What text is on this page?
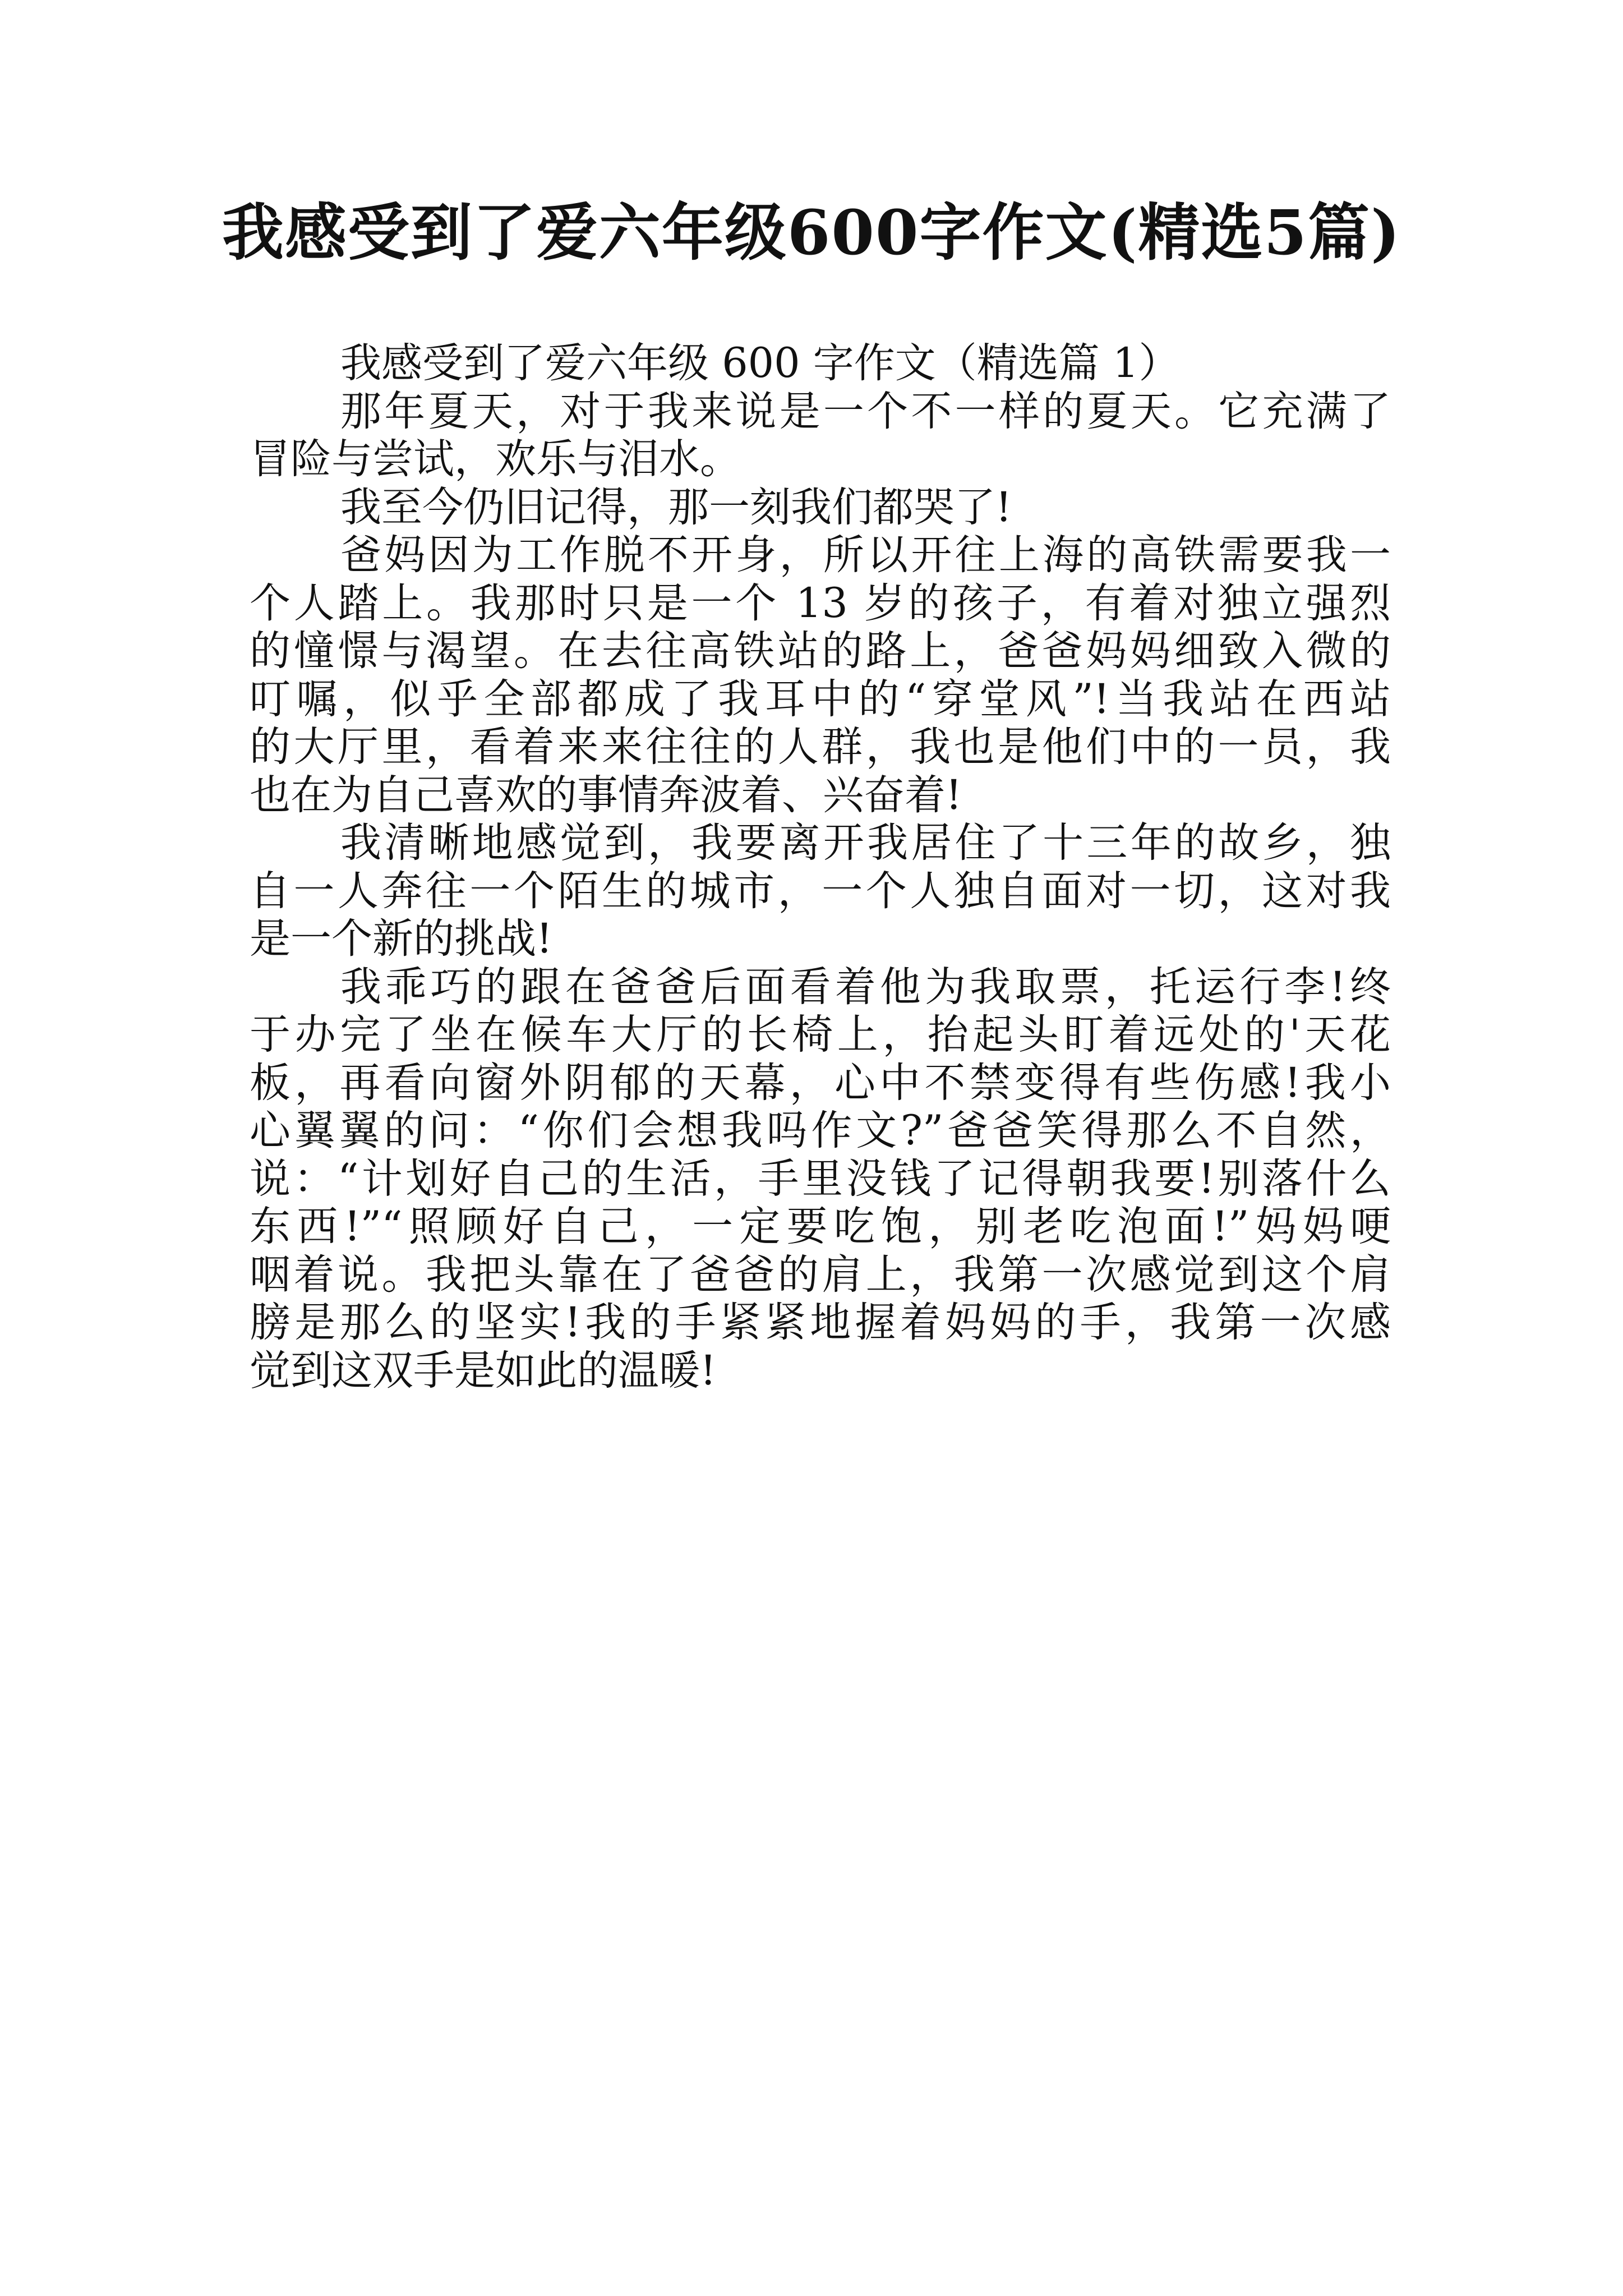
我感受到了爱六年级600字作文(精选5篇)
我感受到了爱六年级 600 字作文（精选篇 1）
那年夏天，对于我来说是一个不一样的夏天。它充满了
冒险与尝试，欢乐与泪水。
我至今仍旧记得，那一刻我们都哭了!
爸妈因为工作脱不开身，所以开往上海的高铁需要我一
个人踏上。我那时只是一个 13 岁的孩子，有着对独立强烈
的憧憬与渴望。在去往高铁站的路上，爸爸妈妈细致入微的
叮嘱，似乎全部都成了我耳中的“穿堂风”!当我站在西站
的大厅里，看着来来往往的人群，我也是他们中的一员，我
也在为自己喜欢的事情奔波着、兴奋着!
我清晰地感觉到，我要离开我居住了十三年的故乡，独
自一人奔往一个陌生的城市，一个人独自面对一切，这对我
是一个新的挑战!
我乖巧的跟在爸爸后面看着他为我取票，托运行李!终
于办完了坐在候车大厅的长椅上，抬起头盯着远处的'天花
板，再看向窗外阴郁的天幕，心中不禁变得有些伤感!我小
心翼翼的问：“你们会想我吗作文?”爸爸笑得那么不自然，
说：“计划好自己的生活，手里没钱了记得朝我要!别落什么
东西!”“照顾好自己，一定要吃饱，别老吃泡面!”妈妈哽
咽着说。我把头靠在了爸爸的肩上，我第一次感觉到这个肩
膀是那么的坚实!我的手紧紧地握着妈妈的手，我第一次感
觉到这双手是如此的温暖!
